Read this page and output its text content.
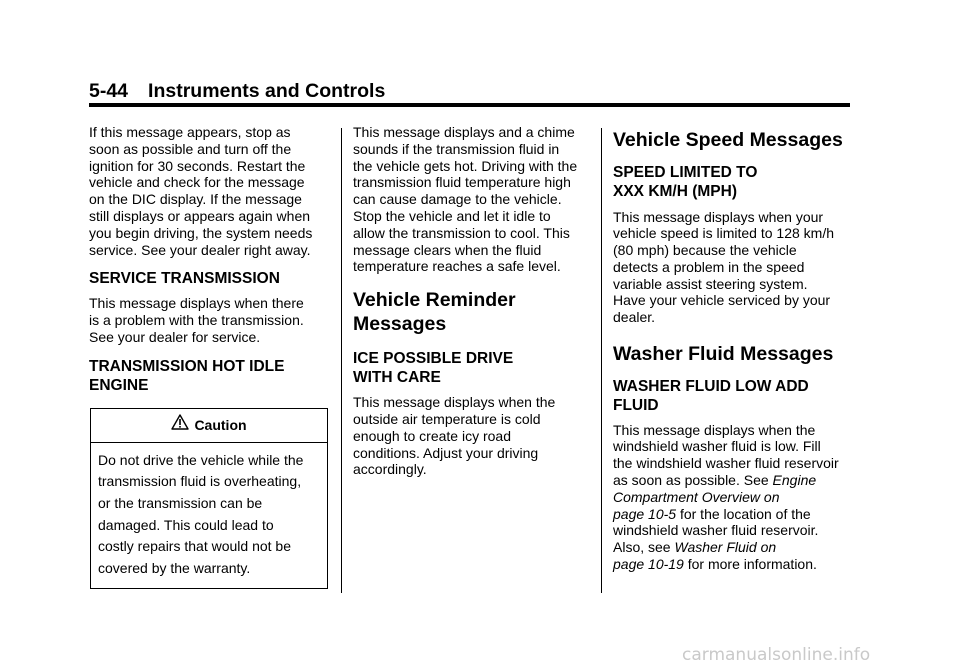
5-44 Instruments and Controls

If this message appears, stop as
soon as possible and turn off the
ignition for 30 seconds. Restart the
vehicle and check for the message
on the DIC display. If the message
still displays or appears again when
you begin driving, the system needs
service. See your dealer right away.

SERVICE TRANSMISSION

This message displays when there
is a problem with the transmission.
See your dealer for service.

TRANSMISSION HOT IDLE
ENGINE
Caution
Do not drive the vehicle while the
transmission fluid is overheating,
or the transmission can be
damaged. This could lead to
costly repairs that would not be
covered by the warranty.

This message displays and a chime
sounds if the transmission fluid in
the vehicle gets hot. Driving with the
transmission fluid temperature high
can cause damage to the vehicle.
Stop the vehicle and let it idle to
allow the transmission to cool. This
message clears when the fluid
temperature reaches a safe level.

Vehicle Reminder
Messages
ICE POSSIBLE DRIVE
WITH CARE

This message displays when the
outside air temperature is cold
enough to create icy road
conditions. Adjust your driving
accordingly.

Vehicle Speed Messages
SPEED LIMITED TO
XXX KM/H (MPH)

This message displays when your
vehicle speed is limited to 128 km/h
(80 mph) because the vehicle
detects a problem in the speed
variable assist steering system.
Have your vehicle serviced by your
dealer.

Washer Fluid Messages
WASHER FLUID LOW ADD
FLUID

This message displays when the
windshield washer fluid is low. Fill
the windshield washer fluid reservoir
as soon as possible. See Engine
Compartment Overview on
page 10-5 for the location of the
windshield washer fluid reservoir.
Also, see Washer Fluid on
page 10-19 for more information.

carmanualsonline.info
